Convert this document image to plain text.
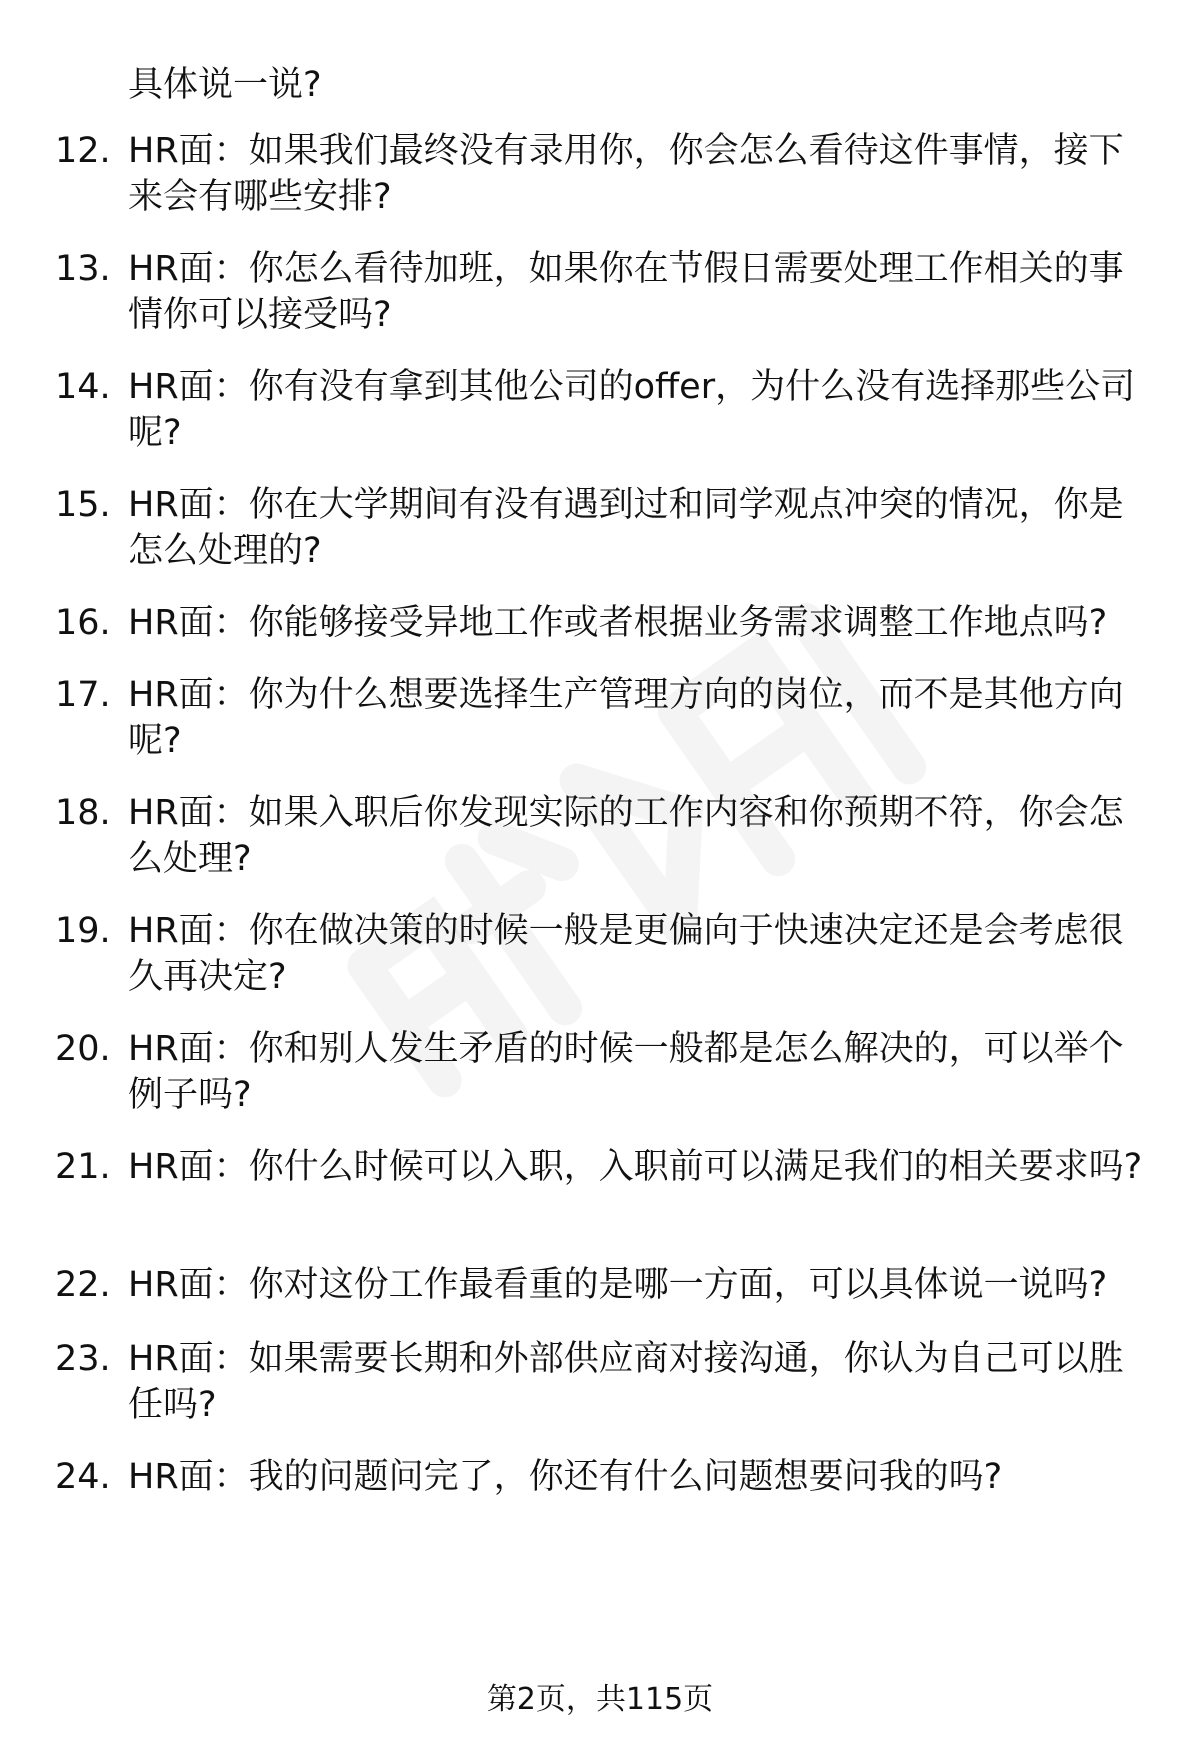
具体说一说?

12. HR面：如果我们最终没有录用你，你会怎么看待这件事情，接下来会有哪些安排?
13. HR面：你怎么看待加班，如果你在节假日需要处理工作相关的事情你可以接受吗?
14. HR面：你有没有拿到其他公司的offer，为什么没有选择那些公司呢?
15. HR面：你在大学期间有没有遇到过和同学观点冲突的情况，你是怎么处理的?
16. HR面：你能够接受异地工作或者根据业务需求调整工作地点吗?
17. HR面：你为什么想要选择生产管理方向的岗位，而不是其他方向呢?
18. HR面：如果入职后你发现实际的工作内容和你预期不符，你会怎么处理?
19. HR面：你在做决策的时候一般是更偏向于快速决定还是会考虑很久再决定?
20. HR面：你和别人发生矛盾的时候一般都是怎么解决的，可以举个例子吗?
21. HR面：你什么时候可以入职，入职前可以满足我们的相关要求吗?
22. HR面：你对这份工作最看重的是哪一方面，可以具体说一说吗?
23. HR面：如果需要长期和外部供应商对接沟通，你认为自己可以胜任吗?
24. HR面：我的问题问完了，你还有什么问题想要问我的吗?
第2页，共115页
